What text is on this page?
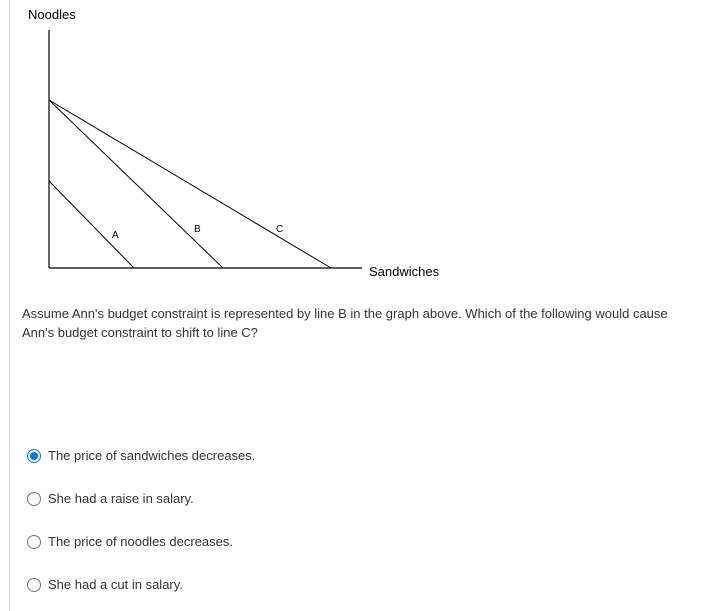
Noodles
A
B	C
Sandwiches
Assume Ann's budget constraint is represented by line B in the graph above. Which of the following would cause Ann's budget constraint to shift to line C?
The price of sandwiches decreases.
She had a raise in salary.
The price of noodles decreases.
She had a cut in salary.
